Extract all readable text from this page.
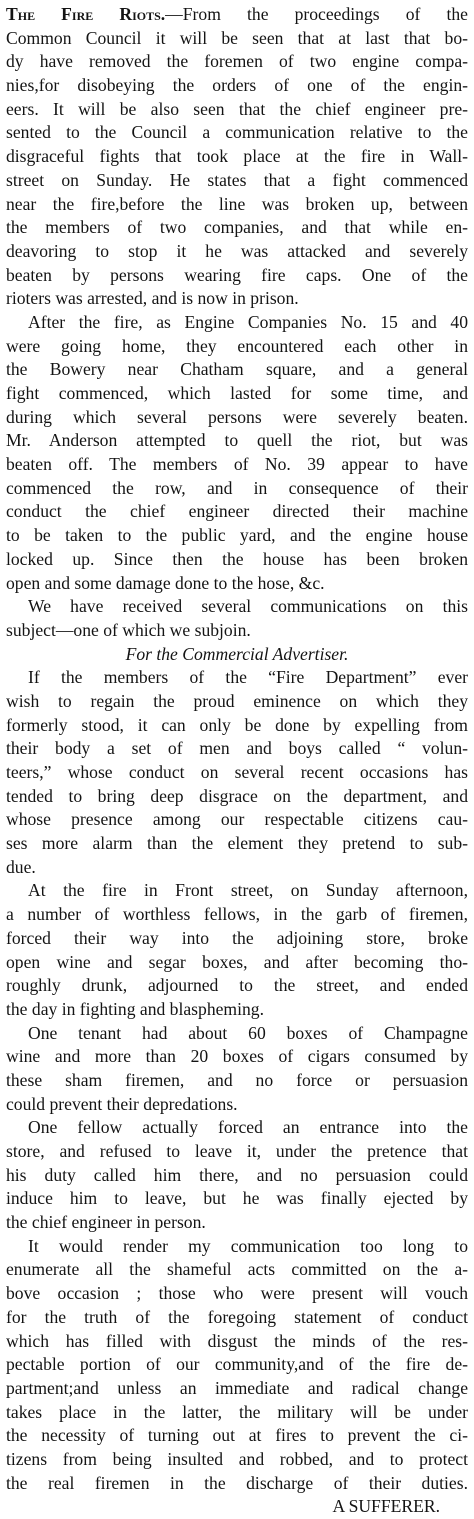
The Fire Riots.—From the proceedings of the
Common Council it will be seen that at last that bo-
dy have removed the foremen of two engine compa-
nies,for disobeying the orders of one of the engin-
eers. It will be also seen that the chief engineer pre-
sented to the Council a communication relative to the
disgraceful fights that took place at the fire in Wall-
street on Sunday. He states that a fight commenced
near the fire,before the line was broken up, between
the members of two companies, and that while en-
deavoring to stop it he was attacked and severely
beaten by persons wearing fire caps. One of the
rioters was arrested, and is now in prison.
After the fire, as Engine Companies No. 15 and 40
were going home, they encountered each other in
the Bowery near Chatham square, and a general
fight commenced, which lasted for some time, and
during which several persons were severely beaten.
Mr. Anderson attempted to quell the riot, but was
beaten off. The members of No. 39 appear to have
commenced the row, and in consequence of their
conduct the chief engineer directed their machine
to be taken to the public yard, and the engine house
locked up. Since then the house has been broken
open and some damage done to the hose, &c.
We have received several communications on this
subject—one of which we subjoin.
For the Commercial Advertiser.
If the members of the “Fire Department” ever
wish to regain the proud eminence on which they
formerly stood, it can only be done by expelling from
their body a set of men and boys called “ volun-
teers,” whose conduct on several recent occasions has
tended to bring deep disgrace on the department, and
whose presence among our respectable citizens cau-
ses more alarm than the element they pretend to sub-
due.
At the fire in Front street, on Sunday afternoon,
a number of worthless fellows, in the garb of firemen,
forced their way into the adjoining store, broke
open wine and segar boxes, and after becoming tho-
roughly drunk, adjourned to the street, and ended
the day in fighting and blaspheming.
One tenant had about 60 boxes of Champagne
wine and more than 20 boxes of cigars consumed by
these sham firemen, and no force or persuasion
could prevent their depredations.
One fellow actually forced an entrance into the
store, and refused to leave it, under the pretence that
his duty called him there, and no persuasion could
induce him to leave, but he was finally ejected by
the chief engineer in person.
It would render my communication too long to
enumerate all the shameful acts committed on the a-
bove occasion ; those who were present will vouch
for the truth of the foregoing statement of conduct
which has filled with disgust the minds of the res-
pectable portion of our community,and of the fire de-
partment;and unless an immediate and radical change
takes place in the latter, the military will be under
the necessity of turning out at fires to prevent the ci-
tizens from being insulted and robbed, and to protect
the real firemen in the discharge of their duties.
A SUFFERER.
